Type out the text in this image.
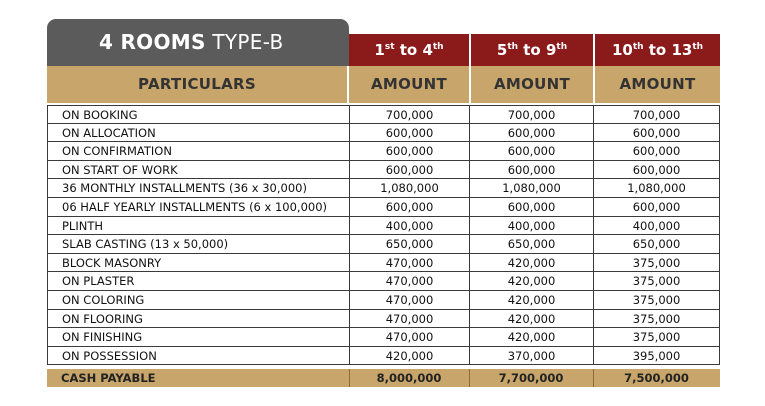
4 ROOMS TYPE-B	1st to 4th	5th to 9th	10th to 13th
PARTICULARS	AMOUNT	AMOUNT	AMOUNT
ON BOOKING	700,000	700,000	700,000
ON ALLOCATION	600,000	600,000	600,000
ON CONFIRMATION	600,000	600,000	600,000
ON START OF WORK	600,000	600,000	600,000
36 MONTHLY INSTALLMENTS (36 x 30,000)	1,080,000	1,080,000	1,080,000
06 HALF YEARLY INSTALLMENTS (6 x 100,000)	600,000	600,000	600,000
PLINTH	400,000	400,000	400,000
SLAB CASTING (13 x 50,000)	650,000	650,000	650,000
BLOCK MASONRY	470,000	420,000	375,000
ON PLASTER	470,000	420,000	375,000
ON COLORING	470,000	420,000	375,000
ON FLOORING	470,000	420,000	375,000
ON FINISHING	470,000	420,000	375,000
ON POSSESSION	420,000	370,000	395,000
CASH PAYABLE	8,000,000	7,700,000	7,500,000
